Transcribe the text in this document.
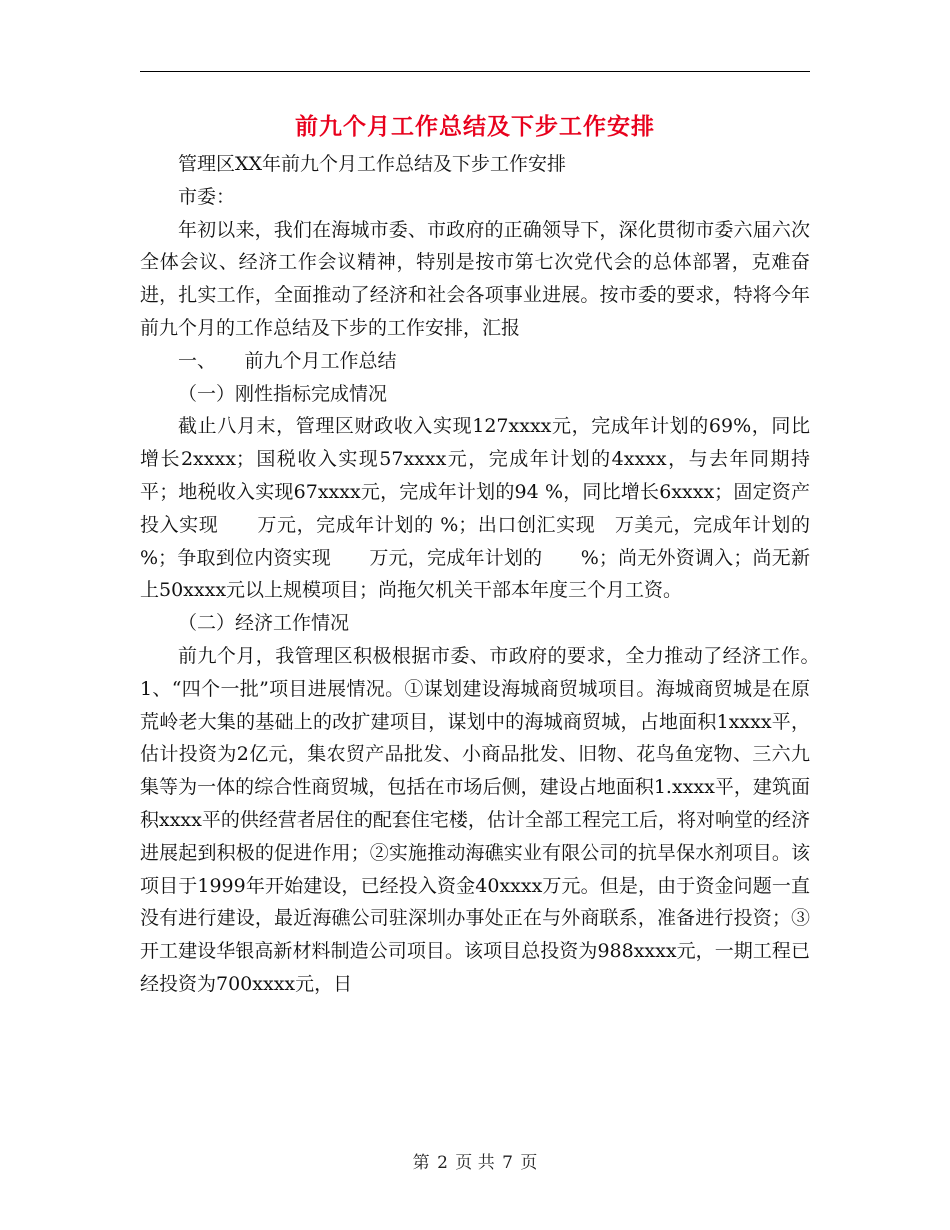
前九个月工作总结及下步工作安排

管理区XX年前九个月工作总结及下步工作安排

市委：

年初以来，我们在海城市委、市政府的正确领导下，深化贯彻市委六届六次全体会议、经济工作会议精神，特别是按市第七次党代会的总体部署，克难奋进，扎实工作，全面推动了经济和社会各项事业进展。按市委的要求，特将今年前九个月的工作总结及下步的工作安排，汇报

一、　　前九个月工作总结

（一）刚性指标完成情况

截止八月末，管理区财政收入实现127xxxx元，完成年计划的69%，同比增长2xxxx；国税收入实现57xxxx元，完成年计划的4xxxx，与去年同期持平；地税收入实现67xxxx元，完成年计划的94 %，同比增长6xxxx；固定资产投入实现　　万元，完成年计划的 %；出口创汇实现　万美元，完成年计划的　　%；争取到位内资实现　　万元，完成年计划的　　%；尚无外资调入；尚无新上50xxxx元以上规模项目；尚拖欠机关干部本年度三个月工资。

（二）经济工作情况

前九个月，我管理区积极根据市委、市政府的要求，全力推动了经济工作。　　1、“四个一批”项目进展情况。①谋划建设海城商贸城项目。海城商贸城是在原荒岭老大集的基础上的改扩建项目，谋划中的海城商贸城，占地面积1xxxx平，估计投资为2亿元，集农贸产品批发、小商品批发、旧物、花鸟鱼宠物、三六九集等为一体的综合性商贸城，包括在市场后侧，建设占地面积1.xxxx平，建筑面积xxxx平的供经营者居住的配套住宅楼，估计全部工程完工后，将对响堂的经济进展起到积极的促进作用；②实施推动海礁实业有限公司的抗旱保水剂项目。该项目于1999年开始建设，已经投入资金40xxxx万元。但是，由于资金问题一直没有进行建设，最近海礁公司驻深圳办事处正在与外商联系，准备进行投资；③开工建设华银高新材料制造公司项目。该项目总投资为988xxxx元，一期工程已经投资为700xxxx元，日

第 2 页 共 7 页
